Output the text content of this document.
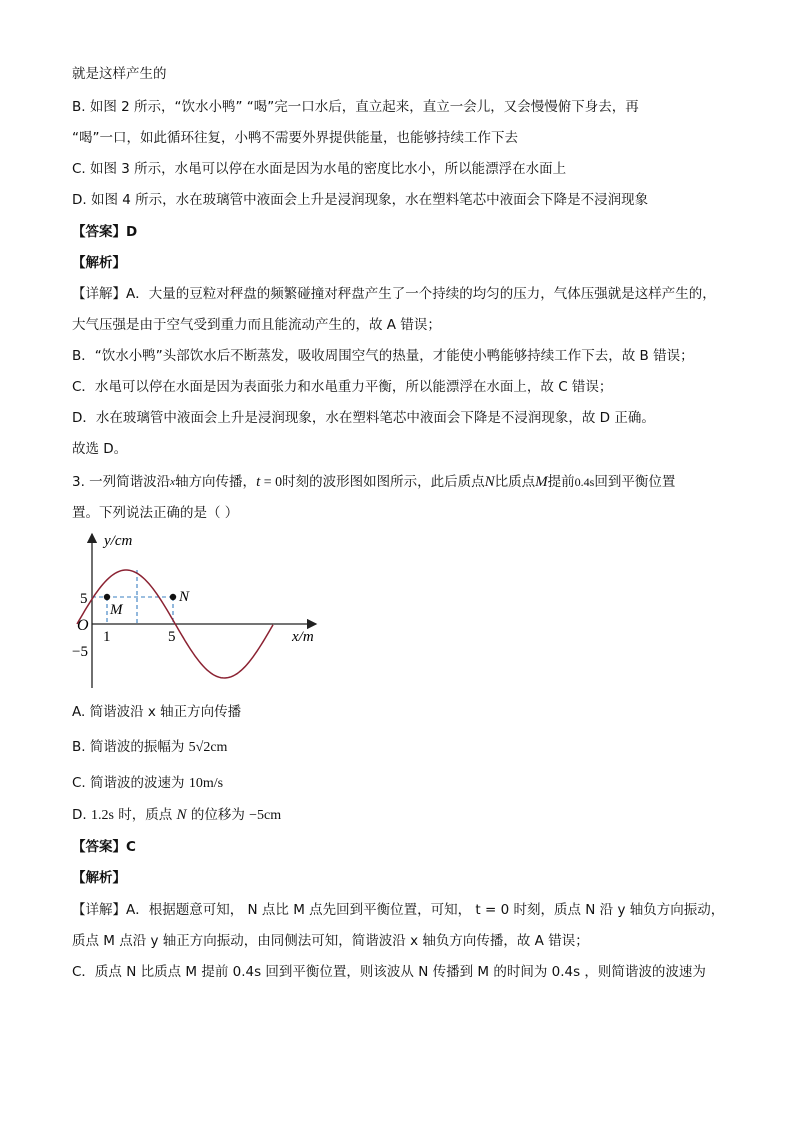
就是这样产生的
B. 如图 2 所示，“饮水小鸭” “喝”完一口水后，直立起来，直立一会儿，又会慢慢俯下身去，再
“喝”一口，如此循环往复，小鸭不需要外界提供能量，也能够持续工作下去
C. 如图 3 所示，水黾可以停在水面是因为水黾的密度比水小，所以能漂浮在水面上
D. 如图 4 所示，水在玻璃管中液面会上升是浸润现象，水在塑料笔芯中液面会下降是不浸润现象
【答案】D
【解析】
【详解】A．大量的豆粒对秤盘的频繁碰撞对秤盘产生了一个持续的均匀的压力，气体压强就是这样产生的，
大气压强是由于空气受到重力而且能流动产生的，故 A 错误；
B．“饮水小鸭”头部饮水后不断蒸发，吸收周围空气的热量，才能使小鸭能够持续工作下去，故 B 错误；
C．水黾可以停在水面是因为表面张力和水黾重力平衡，所以能漂浮在水面上，故 C 错误；
D．水在玻璃管中液面会上升是浸润现象，水在塑料笔芯中液面会下降是不浸润现象，故 D 正确。
故选 D。
3. 一列简谐波沿$^x$轴方向传播，t = 0时刻的波形图如图所示，此后质点N比质点M提前0.4s回到平衡位置
置。下列说法正确的是（ ）
y/cm
x/m
O
5
−5
1	5
M
N
A. 简谐波沿 x 轴正方向传播
B. 简谐波的振幅为 5√2cm
C. 简谐波的波速为 10m/s
D. 1.2s 时，质点 N 的位移为 −5cm
【答案】C
【解析】
【详解】A．根据题意可知， N 点比 M 点先回到平衡位置，可知， t = 0 时刻，质点 N 沿 y 轴负方向振动，
质点 M 点沿 y 轴正方向振动，由同侧法可知，简谐波沿 x 轴负方向传播，故 A 错误；
C．质点 N 比质点 M 提前 0.4s 回到平衡位置，则该波从 N 传播到 M 的时间为 0.4s ，则简谐波的波速为
